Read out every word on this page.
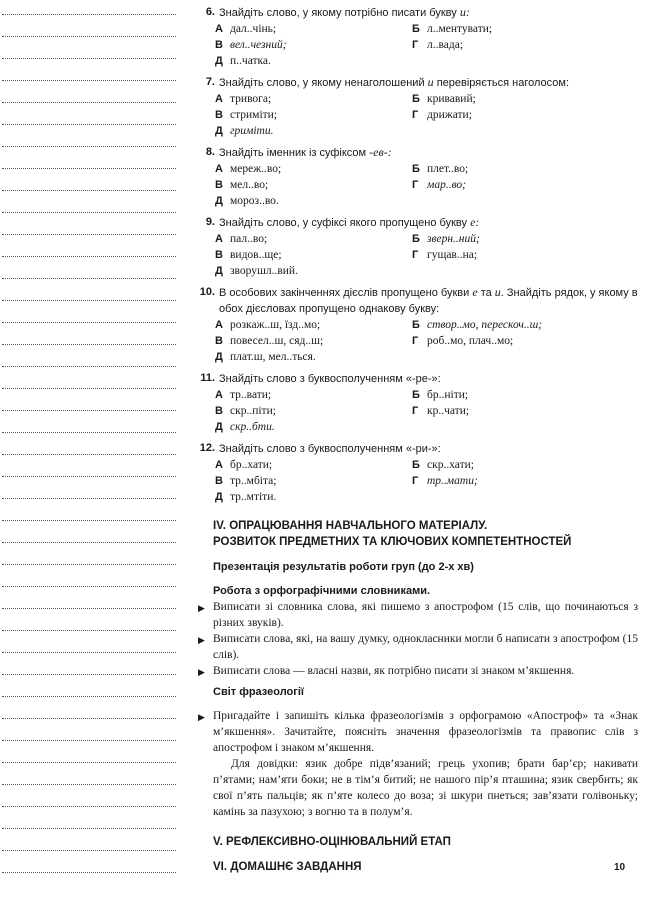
6. Знайдіть слово, у якому потрібно писати букву и:
А дал..чінь;	Б л..ментувати;
В вел..чезний;	Г л..вада;
Д п..чатка.
7. Знайдіть слово, у якому ненаголошений и перевіряється наголосом:
А тривога;	Б кривавий;
В стриміти;	Г дрижати;
Д гриміти.
8. Знайдіть іменник із суфіксом -ев-:
А мереж..во;	Б плет..во;
В мел..во;	Г мар..во;
Д мороз..во.
9. Знайдіть слово, у суфіксі якого пропущено букву е:
А пал..во;	Б зверн..ний;
В видов..ще;	Г гущав..на;
Д зворушл..вий.
10. В особових закінченнях дієслів пропущено букви е та и. Знайдіть рядок, у якому в обох дієсловах пропущено однакову букву:
А розкаж..ш, їзд..мо;	Б створ..мо, перескоч..ш;
В повесел..ш, сяд..ш;	Г роб..мо, плач..мо;
Д плат.ш, мел..ться.
11. Знайдіть слово з буквосполученням «-ре-»:
А тр..вати;	Б бр..ніти;
В скр..піти;	Г кр..чати;
Д скр..бти.
12. Знайдіть слово з буквосполученням «-ри-»:
А бр..хати;	Б скр..хати;
В тр..мбіта;	Г тр..мати;
Д тр..мтіти.
IV. ОПРАЦЮВАННЯ НАВЧАЛЬНОГО МАТЕРІАЛУ.
РОЗВИТОК ПРЕДМЕТНИХ ТА КЛЮЧОВИХ КОМПЕТЕНТНОСТЕЙ
Презентація результатів роботи груп (до 2-х хв)
Робота з орфографічними словниками.
▶ Виписати зі словника слова, які пишемо з апострофом (15 слів, що починаються з різних звуків).
▶ Виписати слова, які, на вашу думку, однокласники могли б написати з апострофом (15 слів).
▶ Виписати слова — власні назви, як потрібно писати зі знаком м’якшення.
Світ фразеології
▶ Пригадайте і запишіть кілька фразеологізмів з орфограмою «Апостроф» та «Знак м’якшення». Зачитайте, поясніть значення фразеологізмів та правопис слів з апострофом і знаком м’якшення.
Для довідки: язик добре підв’язаний; грець ухопив; брати бар’єр; накивати п’ятами; нам’яти боки; не в тім’я битий; не нашого пір’я пташина; язик свербить; як свої п’ять пальців; як п’яте колесо до воза; зі шкури пнеться; зав’язати голівоньку; камінь за пазухою; з вогню та в полум’я.
V. РЕФЛЕКСИВНО-ОЦІНЮВАЛЬНИЙ ЕТАП
VI. ДОМАШНЄ ЗАВДАННЯ	10
